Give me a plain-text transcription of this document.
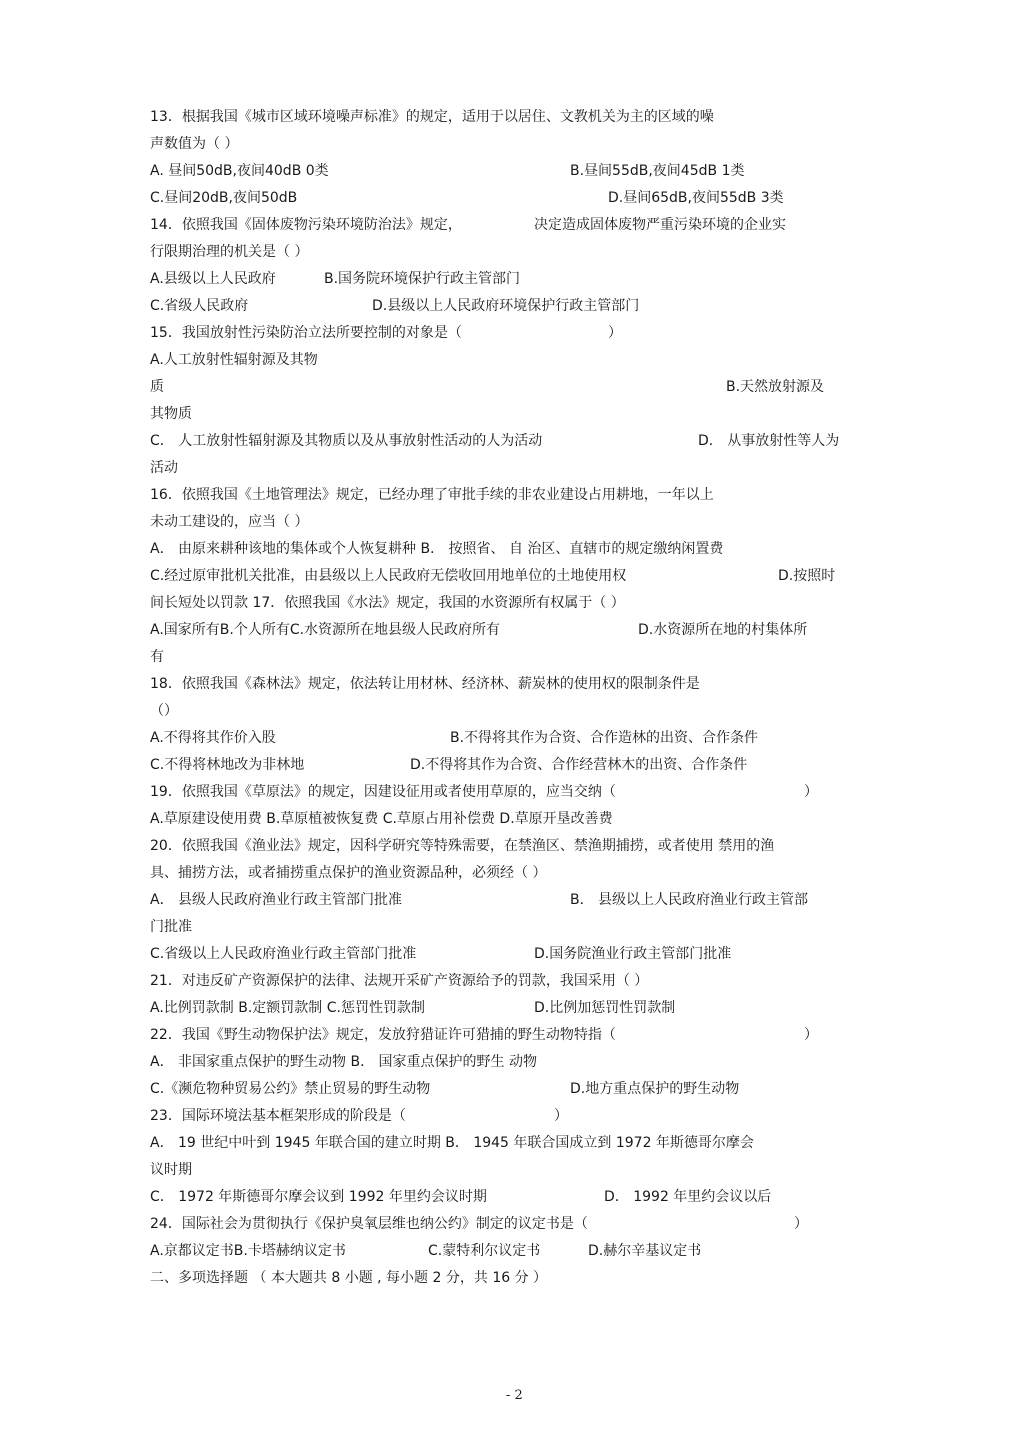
13．根据我国《城市区域环境噪声标准》的规定，适用于以居住、文教机关为主的区域的噪
声数值为（ ）
A. 昼间50dB,夜间40dB 0类	B.昼间55dB,夜间45dB 1类
C.昼间20dB,夜间50dB	D.昼间65dB,夜间55dB 3类
14．依照我国《固体废物污染环境防治法》规定，	决定造成固体废物严重污染环境的企业实
行限期治理的机关是（ ）
A.县级以上人民政府	B.国务院环境保护行政主管部门
C.省级人民政府	D.县级以上人民政府环境保护行政主管部门
15．我国放射性污染防治立法所要控制的对象是（	）
A.人工放射性辐射源及其物
质	B.天然放射源及
其物质
C． 人工放射性辐射源及其物质以及从事放射性活动的人为活动	D． 从事放射性等人为
活动
16．依照我国《土地管理法》规定，已经办理了审批手续的非农业建设占用耕地，一年以上
未动工建设的，应当（ ）
A． 由原来耕种该地的集体或个人恢复耕种 B． 按照省、 自 治区、直辖市的规定缴纳闲置费
C.经过原审批机关批准，由县级以上人民政府无偿收回用地单位的土地使用权	D.按照时
间长短处以罚款 17．依照我国《水法》规定，我国的水资源所有权属于（ ）
A.国家所有B.个人所有C.水资源所在地县级人民政府所有	D.水资源所在地的村集体所
有
18．依照我国《森林法》规定，依法转让用材林、经济林、薪炭林的使用权的限制条件是
（）
A.不得将其作价入股	B.不得将其作为合资、合作造林的出资、合作条件
C.不得将林地改为非林地	D.不得将其作为合资、合作经营林木的出资、合作条件
19．依照我国《草原法》的规定，因建设征用或者使用草原的，应当交纳（	）
A.草原建设使用费 B.草原植被恢复费 C.草原占用补偿费 D.草原开垦改善费
20．依照我国《渔业法》规定，因科学研究等特殊需要，在禁渔区、禁渔期捕捞，或者使用 禁用的渔
具、捕捞方法，或者捕捞重点保护的渔业资源品种，必须经（ ）
A． 县级人民政府渔业行政主管部门批准	B． 县级以上人民政府渔业行政主管部
门批准
C.省级以上人民政府渔业行政主管部门批准	D.国务院渔业行政主管部门批准
21．对违反矿产资源保护的法律、法规开采矿产资源给予的罚款，我国采用（ ）
A.比例罚款制 B.定额罚款制 C.惩罚性罚款制	D.比例加惩罚性罚款制
22．我国《野生动物保护法》规定，发放狩猎证许可猎捕的野生动物特指（	）
A． 非国家重点保护的野生动物 B． 国家重点保护的野生 动物
C.《濒危物种贸易公约》禁止贸易的野生动物	D.地方重点保护的野生动物
23．国际环境法基本框架形成的阶段是（	）
A． 19 世纪中叶到 1945 年联合国的建立时期 B． 1945 年联合国成立到 1972 年斯德哥尔摩会
议时期
C． 1972 年斯德哥尔摩会议到 1992 年里约会议时期	D． 1992 年里约会议以后
24．国际社会为贯彻执行《保护臭氧层维也纳公约》制定的议定书是（	）
A.京都议定书B.卡塔赫纳议定书	C.蒙特利尔议定书	D.赫尔辛基议定书
二、多项选择题 （ 本大题共 8 小题 , 每小题 2 分，共 16 分 ）
- 2
